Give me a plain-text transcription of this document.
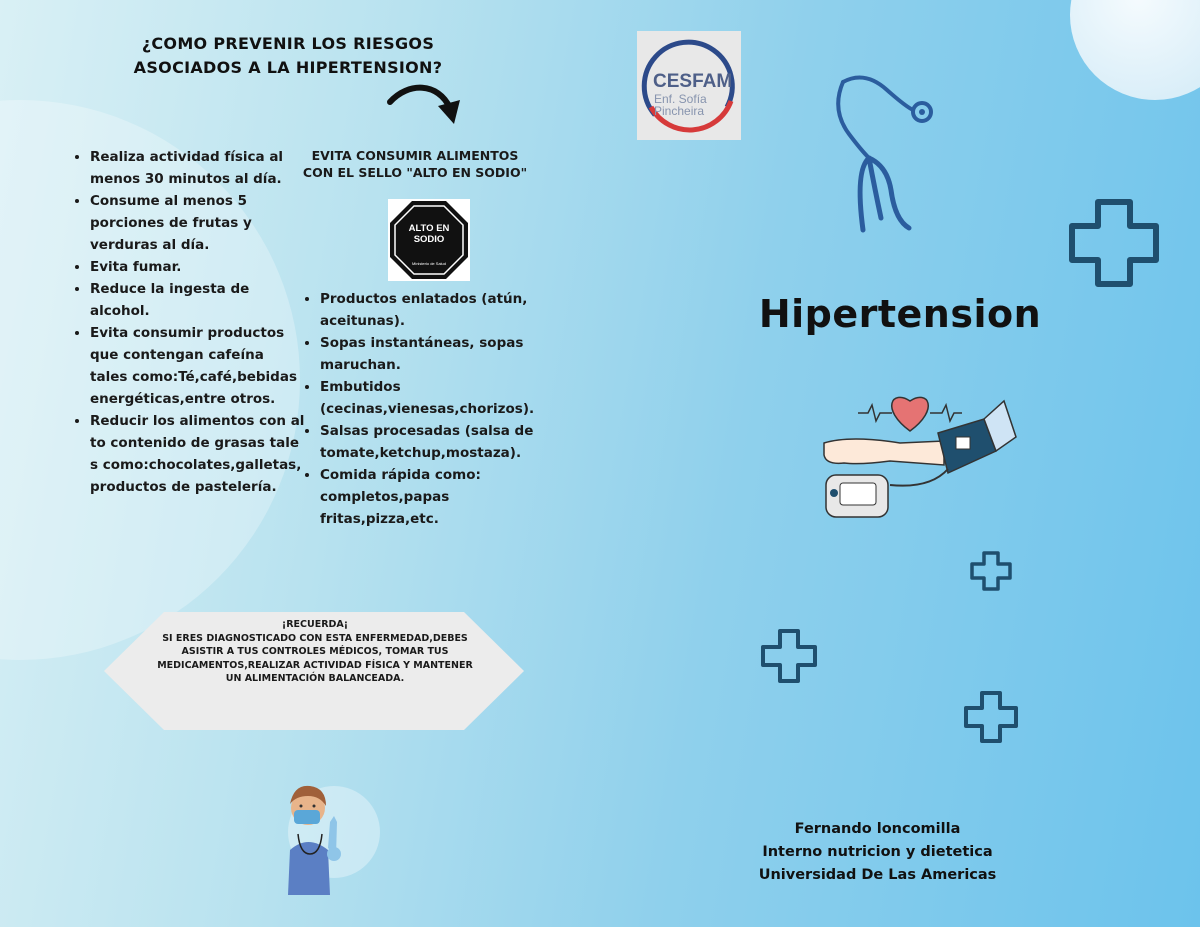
¿COMO PREVENIR LOS RIESGOS ASOCIADOS A LA HIPERTENSION?
• Realiza actividad física al menos 30 minutos al día.
• Consume al menos 5 porciones de frutas y verduras al día.
• Evita fumar.
• Reduce la ingesta de alcohol.
• Evita consumir productos que contengan cafeína tales como:Té,café,bebidas energéticas,entre otros.
• Reducir los alimentos con alto contenido de grasas tales como:chocolates,galletas,productos de pastelería.
EVITA CONSUMIR ALIMENTOS CON EL SELLO "ALTO EN SODIO"
ALTO EN SODIO
Ministerio de Salud
• Productos enlatados (atún, aceitunas).
• Sopas instantáneas, sopas maruchan.
• Embutidos (cecinas,vienesas,chorizos).
• Salsas procesadas (salsa de tomate,ketchup,mostaza).
• Comida rápida como: completos,papas fritas,pizza,etc.
¡RECUERDA¡
SI ERES DIAGNOSTICADO CON ESTA ENFERMEDAD,DEBES ASISTIR A TUS CONTROLES MÉDICOS, TOMAR TUS MEDICAMENTOS,REALIZAR ACTIVIDAD FÍSICA Y MANTENER UN ALIMENTACIÓN BALANCEADA.
CESFAM
Enf. Sofía
Pincheira
Hipertension
Fernando loncomilla
Interno nutricion y dietetica
Universidad De Las Americas
